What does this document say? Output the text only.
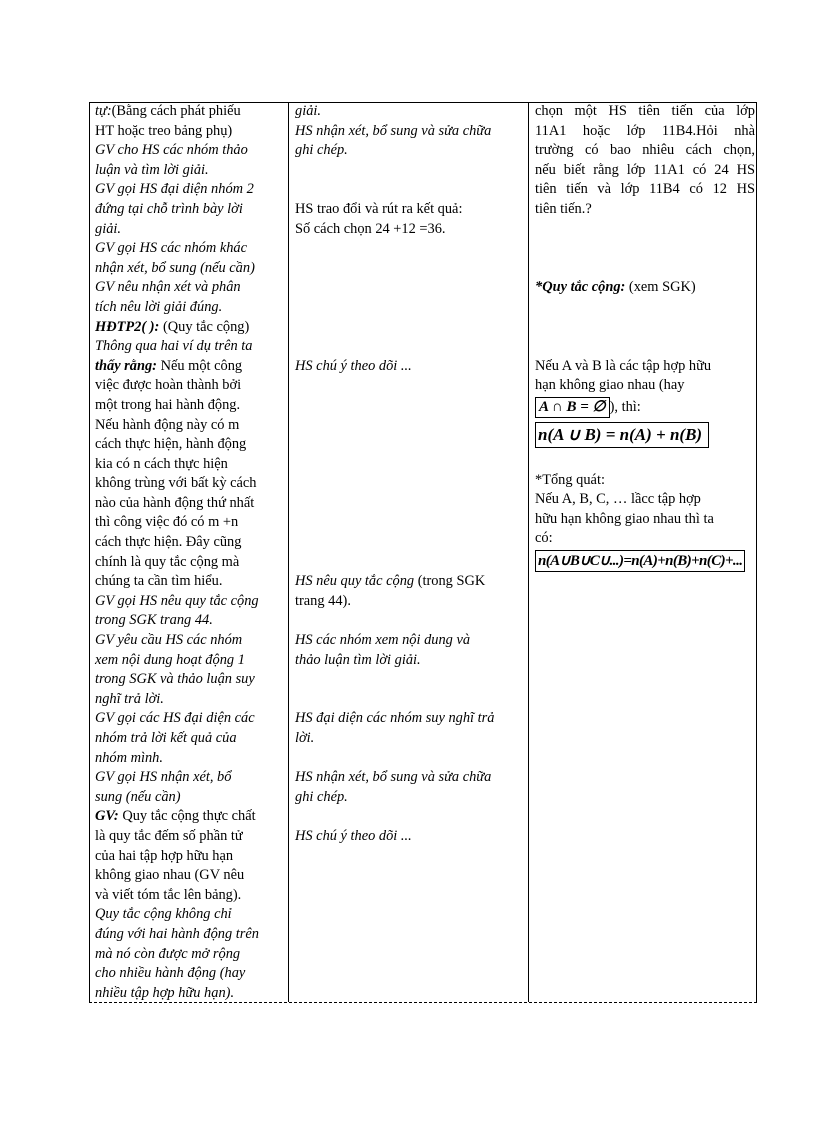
tự:(Bằng cách phát phiếu
HT hoặc treo bảng phụ)
GV cho HS các nhóm thảo
luận và tìm lời giải.
GV gọi HS đại diện nhóm 2
đứng tại chỗ trình bày lời
giải.
GV gọi HS các nhóm khác
nhận xét, bổ sung (nếu cần)
GV nêu nhận xét và phân
tích nêu lời giải đúng.
HĐTP2( ): (Quy tắc cộng)
Thông qua hai ví dụ trên ta
thấy rằng: Nếu một công
việc được hoàn thành bởi
một trong hai hành động.
Nếu hành động này có m
cách thực hiện, hành động
kia có n cách thực hiện
không trùng với bất kỳ cách
nào của hành động thứ nhất
thì công việc đó có m +n
cách thực hiện. Đây cũng
chính là quy tắc cộng mà
chúng ta cần tìm hiểu.
GV gọi HS nêu quy tắc cộng
trong SGK trang 44.
GV yêu cầu HS các nhóm
xem nội dung hoạt động 1
trong SGK và thảo luận suy
nghĩ trả lời.
GV gọi các HS đại diện các
nhóm trả lời kết quả của
nhóm mình.
GV gọi HS nhận xét, bổ
sung (nếu cần)
GV: Quy tắc cộng thực chất
là quy tắc đếm số phần tử
của hai tập hợp hữu hạn
không giao nhau (GV nêu
và viết tóm tắc lên bảng).
Quy tắc cộng không chỉ
đúng với hai hành động trên
mà nó còn được mở rộng
cho nhiều hành động (hay
nhiều tập hợp hữu hạn).
giải.
HS nhận xét, bổ sung và sửa chữa
ghi chép.
HS trao đổi và rút ra kết quả:
Số cách chọn 24 +12 =36.
HS chú ý theo dõi ...
HS nêu quy tắc cộng (trong SGK
trang 44).
HS các nhóm xem nội dung và
thảo luận tìm lời giải.
HS đại diện các nhóm suy nghĩ trả
lời.
HS nhận xét, bổ sung và sửa chữa
ghi chép.
HS chú ý theo dõi ...
chọn một HS tiên tiến của lớp
11A1 hoặc lớp 11B4.Hỏi nhà
trường có bao nhiêu cách chọn,
nếu biết rằng lớp 11A1 có 24 HS
tiên tiến và lớp 11B4 có 12 HS
tiên tiến.?
*Quy tắc cộng: (xem SGK)
Nếu A và B là các tập hợp hữu
hạn không giao nhau (hay
A ∩ B = ∅ ), thì:
n(A ∪ B) = n(A) + n(B)
*Tổng quát:
Nếu A, B, C, … lầcc tập hợp
hữu hạn không giao nhau thì ta
có:
n(A∪B∪C∪...)=n(A)+n(B)+n(C)+...
